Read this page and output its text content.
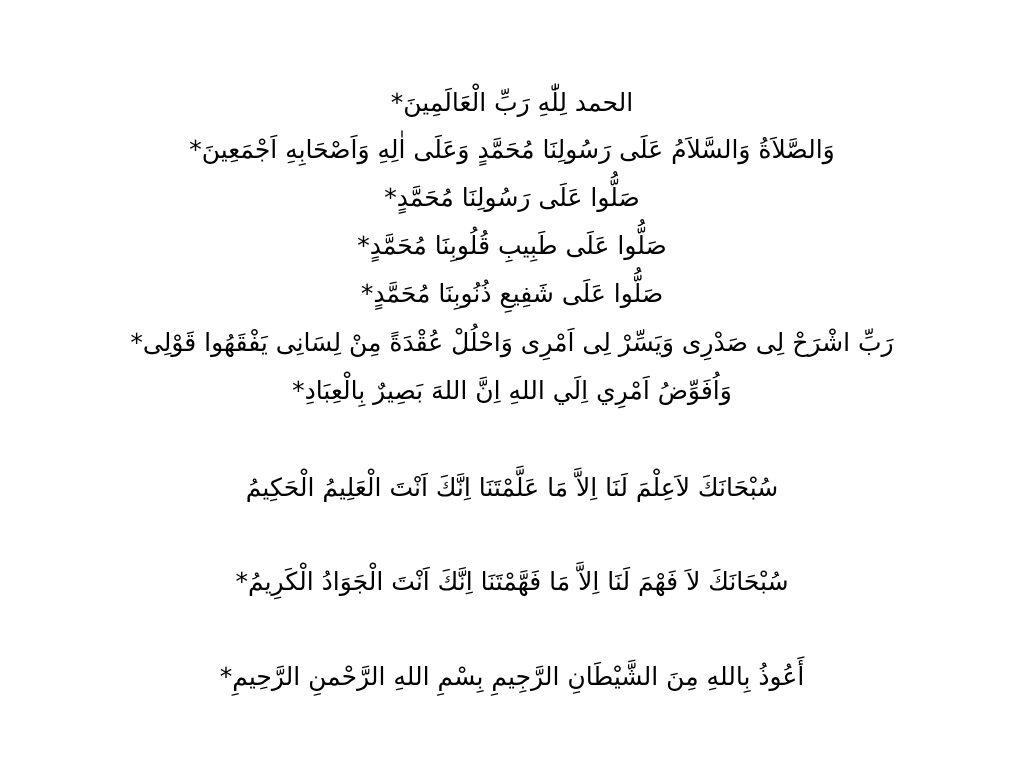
الحمد لِلّٰهِ رَبِّ الْعَالَمِينَ*
وَالصَّلاَةُ وَالسَّلاَمُ عَلَى رَسُولِنَا مُحَمَّدٍ وَعَلَى اٰلِهِ وَاَصْحَابِهِ اَجْمَعِينَ*
صَلُّوا عَلَى رَسُولِنَا مُحَمَّدٍ*
صَلُّوا عَلَى طَبِيبِ قُلُوبِنَا مُحَمَّدٍ*
صَلُّوا عَلَى شَفِيعِ ذُنُوبِنَا مُحَمَّدٍ*
رَبِّ اشْرَحْ لِى صَدْرِى وَيَسِّرْ لِى اَمْرِى وَاحْلُلْ عُقْدَةً مِنْ لِسَانِى يَفْقَهُوا قَوْلِى*
وَاُفَوِّضُ اَمْرِي اِلَي اللهِ اِنَّ اللهَ بَصِيرٌ بِالْعِبَادِ*
سُبْحَانَكَ لاَعِلْمَ لَنَا اِلاَّ مَا عَلَّمْتَنَا اِنَّكَ اَنْتَ الْعَلِيمُ الْحَكِيمُ
سُبْحَانَكَ لاَ فَهْمَ لَنَا اِلاَّ مَا فَهَّمْتَنَا اِنَّكَ اَنْتَ الْجَوَادُ الْكَرِيمُ*
أَعُوذُ بِاللهِ مِنَ الشَّيْطَانِ الرَّجِيمِ بِسْمِ اللهِ الرَّحْمنِ الرَّحِيمِ*
